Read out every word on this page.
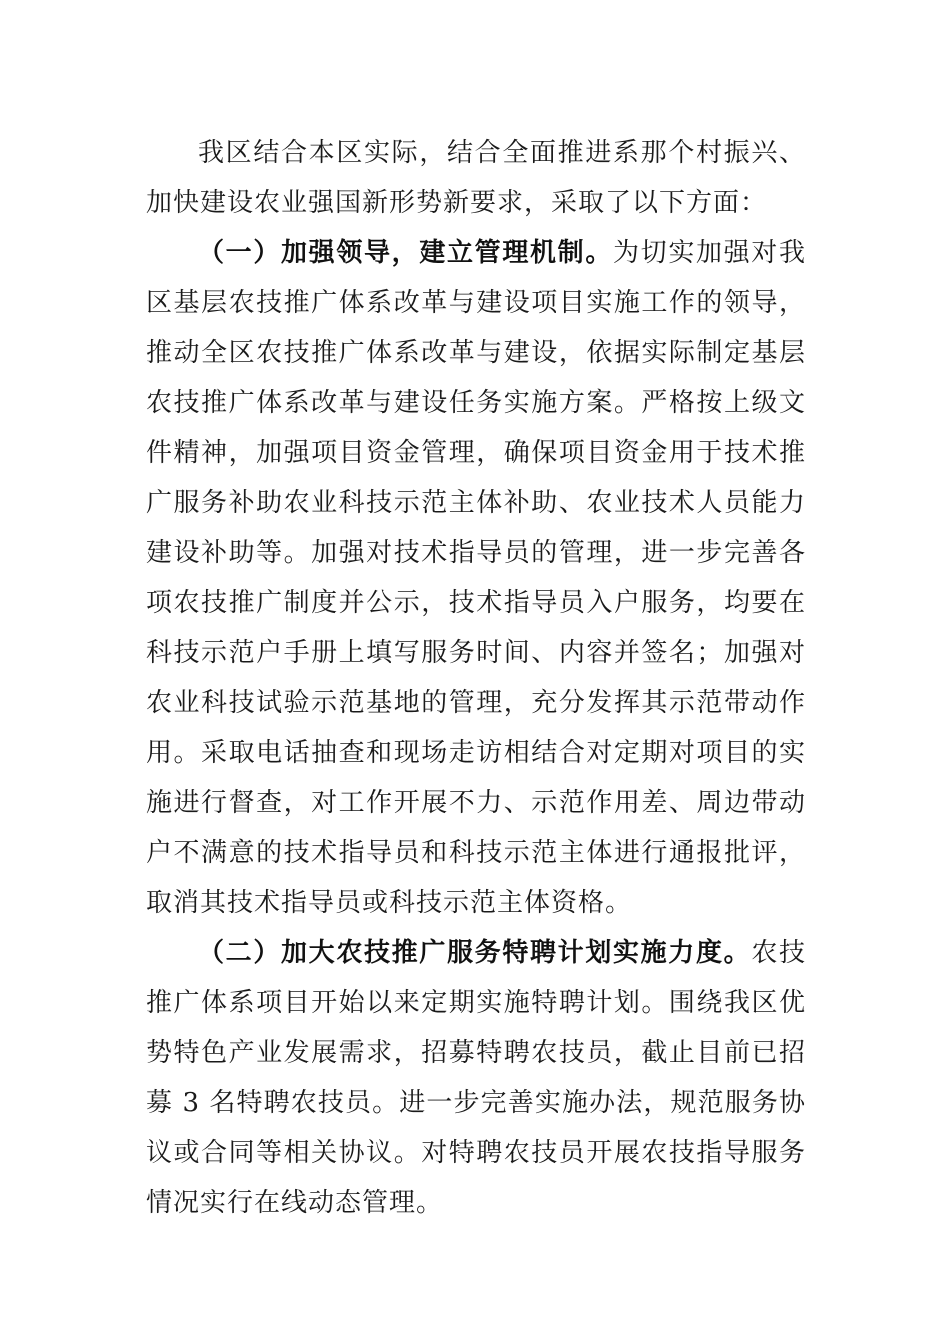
我区结合本区实际，结合全面推进系那个村振兴、加快建设农业强国新形势新要求，采取了以下方面：

（一）加强领导，建立管理机制。为切实加强对我区基层农技推广体系改革与建设项目实施工作的领导，推动全区农技推广体系改革与建设，依据实际制定基层农技推广体系改革与建设任务实施方案。严格按上级文件精神，加强项目资金管理，确保项目资金用于技术推广服务补助农业科技示范主体补助、农业技术人员能力建设补助等。加强对技术指导员的管理，进一步完善各项农技推广制度并公示，技术指导员入户服务，均要在科技示范户手册上填写服务时间、内容并签名；加强对农业科技试验示范基地的管理，充分发挥其示范带动作用。采取电话抽查和现场走访相结合对定期对项目的实施进行督查，对工作开展不力、示范作用差、周边带动户不满意的技术指导员和科技示范主体进行通报批评，取消其技术指导员或科技示范主体资格。

（二）加大农技推广服务特聘计划实施力度。农技推广体系项目开始以来定期实施特聘计划。围绕我区优势特色产业发展需求，招募特聘农技员，截止目前已招募 3 名特聘农技员。进一步完善实施办法，规范服务协议或合同等相关协议。对特聘农技员开展农技指导服务情况实行在线动态管理。
